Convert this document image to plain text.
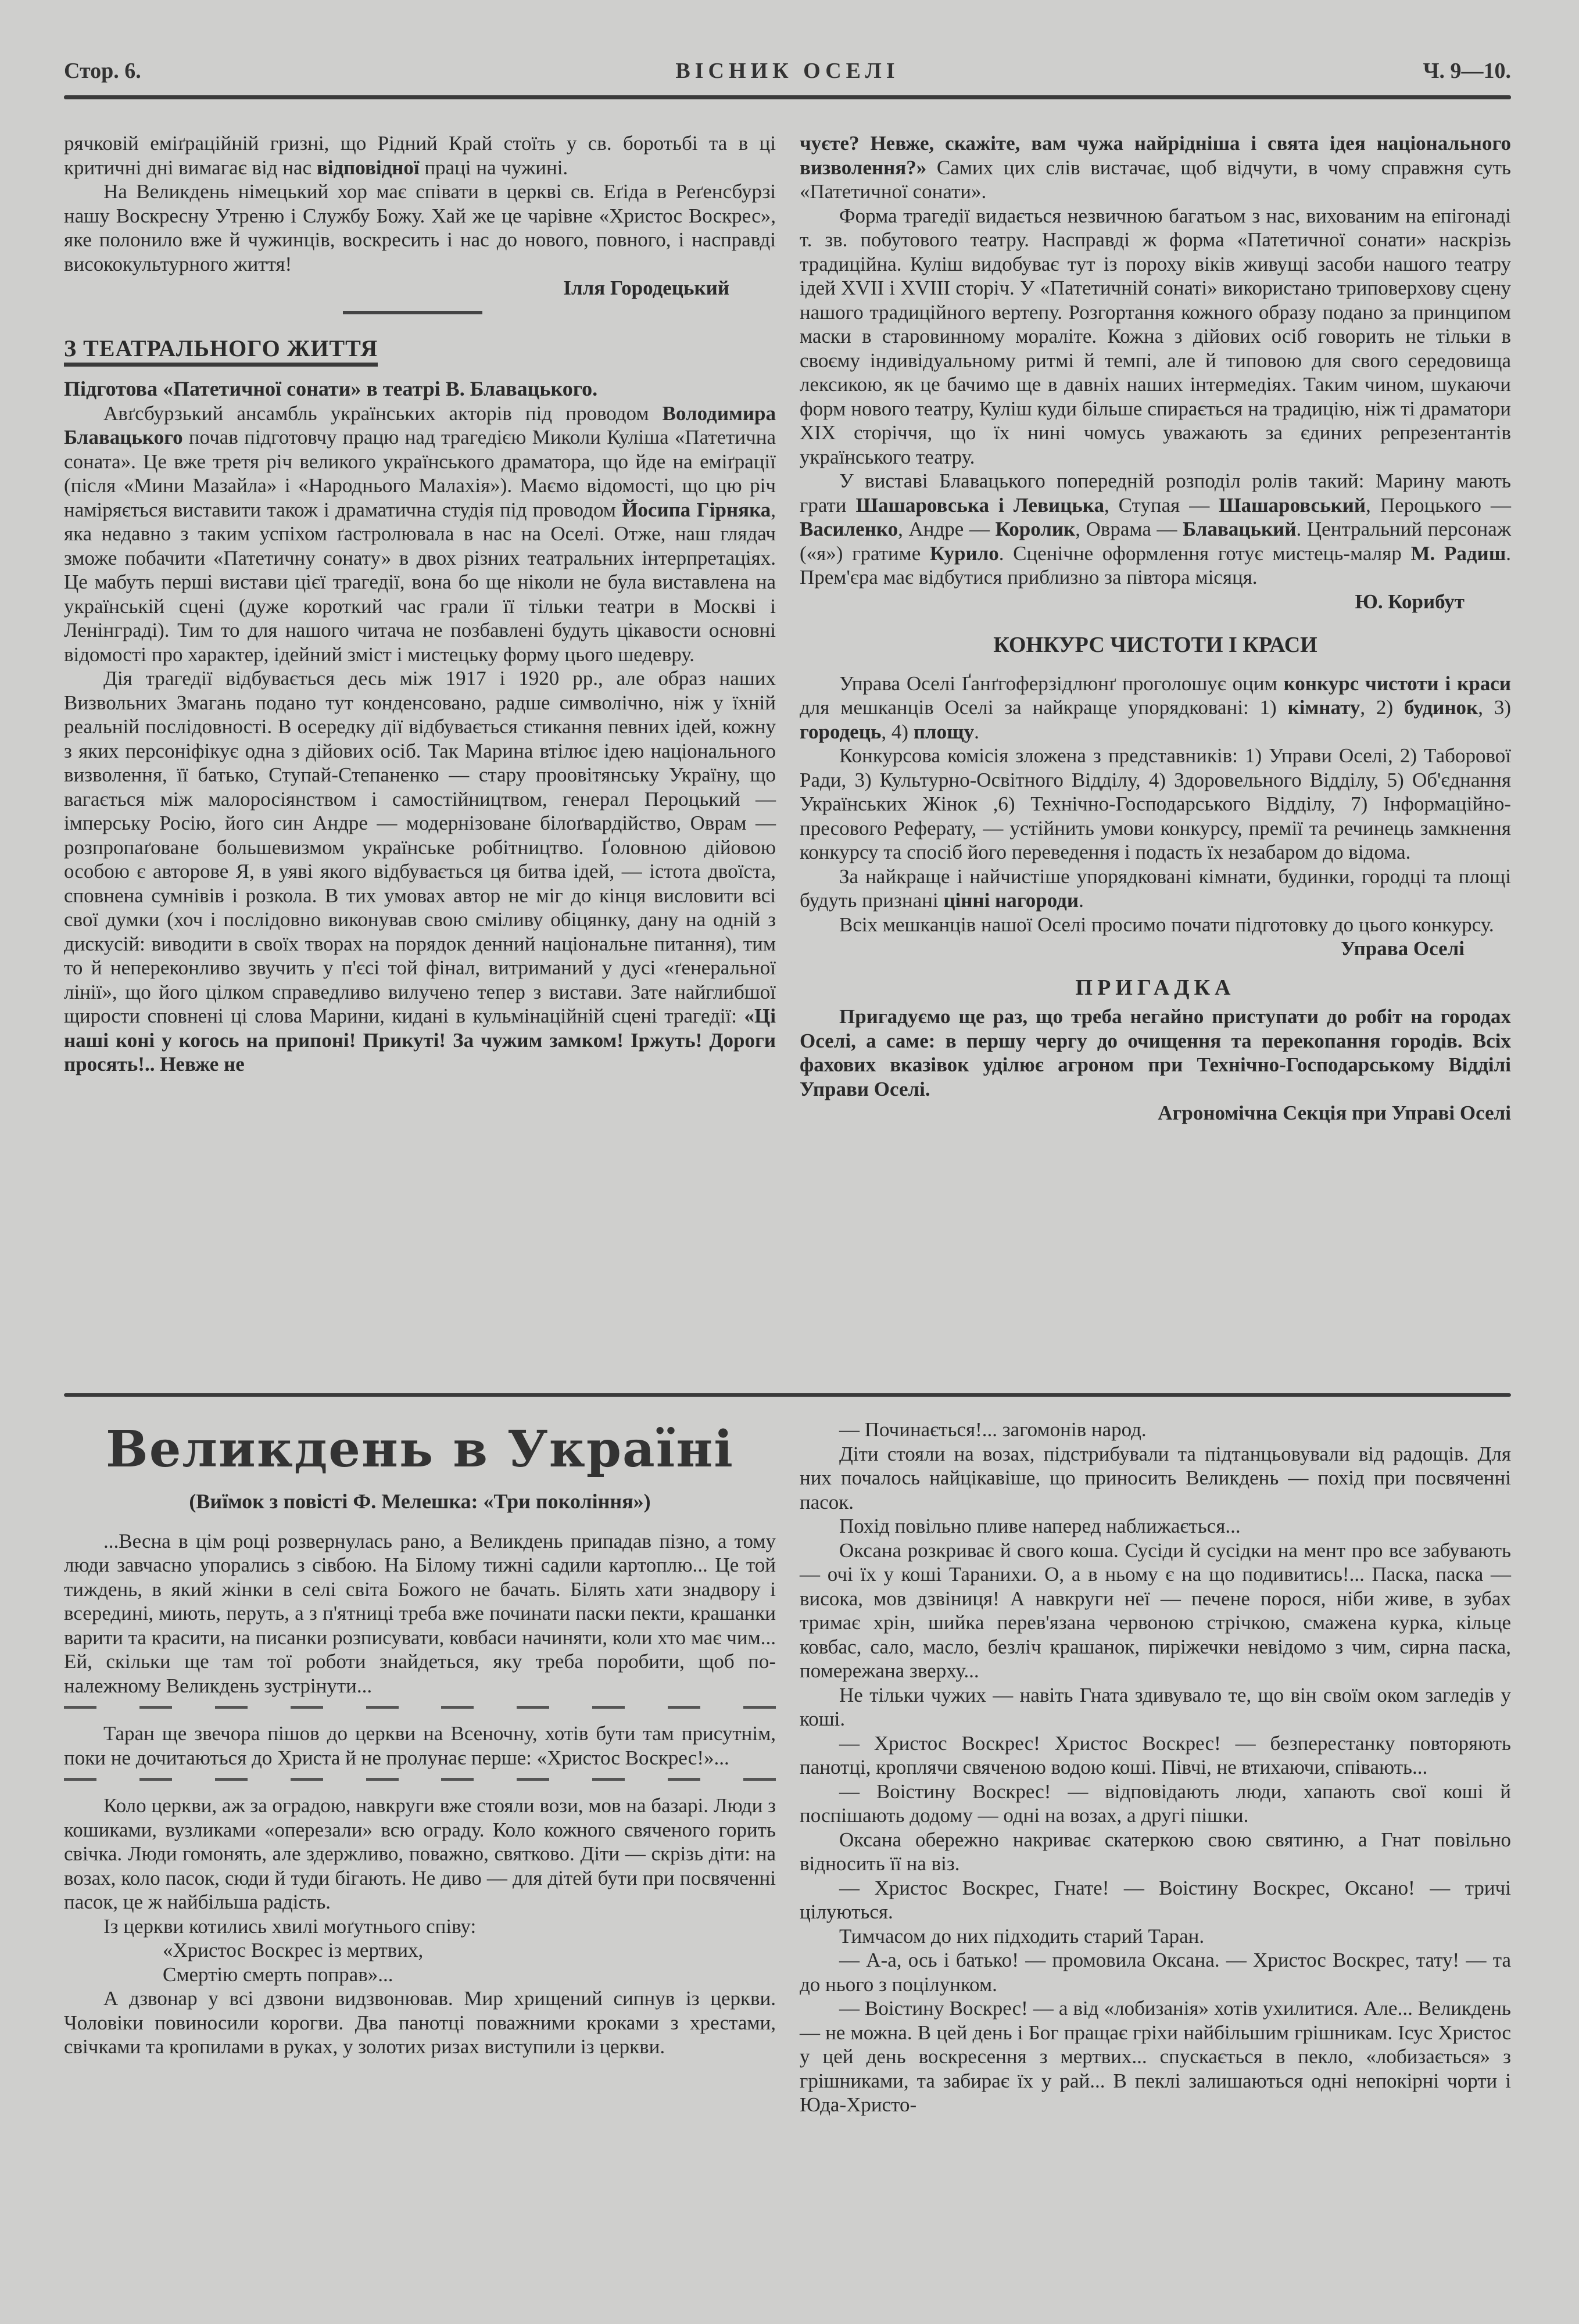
Стор. 6.	ВІСНИК ОСЕЛІ	Ч. 9—10.

рячковій еміґраційній гризні, що Рідний Край стоїть у св. боротьбі та в ці критичні дні вимагає від нас відповідної праці на чужині.

На Великдень німецький хор має співати в церкві св. Еґіда в Реґенсбурзі нашу Воскресну Утреню і Службу Божу. Хай же це чарівне «Христос Воскрес», яке полонило вже й чужинців, воскресить і нас до нового, повного, і насправді висококультурного життя!

Ілля Городецький

З ТЕАТРАЛЬНОГО ЖИТТЯ

Підготова «Патетичної сонати» в театрі В. Блавацького.

Авґсбурзький ансамбль українських акторів під проводом Володимира Блавацького почав підготовчу працю над трагедією Миколи Куліша «Патетична соната». Це вже третя річ великого українського драматора, що йде на еміґрації (після «Мини Мазайла» і «Народнього Малахія»). Маємо відомості, що цю річ наміряється виставити також і драматична студія під проводом Йосипа Гірняка, яка недавно з таким успіхом ґастролювала в нас на Оселі. Отже, наш глядач зможе побачити «Патетичну сонату» в двох різних театральних інтерпретаціях. Це мабуть перші вистави цієї трагедії, вона бо ще ніколи не була виставлена на українській сцені (дуже короткий час грали її тільки театри в Москві і Ленінграді). Тим то для нашого читача не позбавлені будуть цікавости основні відомості про характер, ідейний зміст і мистецьку форму цього шедевру.

Дія трагедії відбувається десь між 1917 і 1920 рр., але образ наших Визвольних Змагань подано тут конденсовано, радше символічно, ніж у їхній реальній послідовності. В осередку дії відбувається стикання певних ідей, кожну з яких персоніфікує одна з дійових осіб. Так Марина втілює ідею національного визволення, її батько, Ступай-Степаненко — стару проовітянську Україну, що вагається між малоросіянством і самостійництвом, генерал Пероцький — імперську Росію, його син Андре — модернізоване білоґвардійство, Оврам — розпропаґоване большевизмом українське робітництво. Ґоловною дійовою особою є авторове Я, в уяві якого відбувається ця битва ідей, — істота двоїста, сповнена сумнівів і розкола. В тих умовах автор не міг до кінця висловити всі свої думки (хоч і послідовно виконував свою сміливу обіцянку, дану на одній з дискусій: виводити в своїх творах на порядок денний національне питання), тим то й непереконливо звучить у п'єсі той фінал, витриманий у дусі «ґенеральної лінії», що його цілком справедливо вилучено тепер з вистави. Зате найглибшої щирости сповнені ці слова Марини, кидані в кульмінаційній сцені трагедії: «Ці наші коні у когось на припоні! Прикуті! За чужим замком! Іржуть! Дороги просять!.. Невже не

чуєте? Невже, скажіте, вам чужа найрідніша і свята ідея національного визволення?» Самих цих слів вистачає, щоб відчути, в чому справжня суть «Патетичної сонати».

Форма трагедії видається незвичною багатьом з нас, вихованим на епігонаді т. зв. побутового театру. Насправді ж форма «Патетичної сонати» наскрізь традиційна. Куліш видобуває тут із пороху віків живущі засоби нашого театру ідей XVII і XVIII сторіч. У «Патетичній сонаті» використано триповерхову сцену нашого традиційного вертепу. Розгортання кожного образу подано за принципом маски в старовинному мораліте. Кожна з дійових осіб говорить не тільки в своєму індивідуальному ритмі й темпі, але й типовою для свого середовища лексикою, як це бачимо ще в давніх наших інтермедіях. Таким чином, шукаючи форм нового театру, Куліш куди більше спирається на традицію, ніж ті драматори XIX сторіччя, що їх нині чомусь уважають за єдиних репрезентантів українського театру.

У виставі Блавацького попередній розподіл ролів такий: Марину мають грати Шашаровська і Левицька, Ступая — Шашаровський, Пероцького — Василенко, Андре — Королик, Оврама — Блавацький. Центральний персонаж («я») гратиме Курило. Сценічне оформлення готує мистець-маляр М. Радиш. Прем'єра має відбутися приблизно за півтора місяця.

Ю. Корибут

КОНКУРС ЧИСТОТИ І КРАСИ

Управа Оселі Ґанґгоферзідлюнґ проголошує оцим конкурс чистоти і краси для мешканців Оселі за найкраще упорядковані: 1) кімнату, 2) будинок, 3) городець, 4) площу.

Конкурсова комісія зложена з представників: 1) Управи Оселі, 2) Таборової Ради, 3) Культурно-Освітного Відділу, 4) Здоровельного Відділу, 5) Об'єднання Українських Жінок ,6) Технічно-Господарського Відділу, 7) Інформаційно-пресового Реферату, — устійнить умови конкурсу, премії та речинець замкнення конкурсу та спосіб його переведення і подасть їх незабаром до відома.

За найкраще і найчистіше упорядковані кімнати, будинки, городці та площі будуть признані цінні нагороди.

Всіх мешканців нашої Оселі просимо почати підготовку до цього конкурсу.

Управа Оселі

ПРИГАДКА

Пригадуємо ще раз, що треба негайно приступати до робіт на городах Оселі, а саме: в першу чергу до очищення та перекопання городів. Всіх фахових вказівок уділює агроном при Технічно-Господарському Відділі Управи Оселі.

Агрономічна Секція при Управі Оселі

Великдень в Україні
(Виїмок з повісті Ф. Мелешка: «Три покоління»)

...Весна в цім році розвернулась рано, а Великдень припадав пізно, а тому люди завчасно упорались з сівбою. На Білому тижні садили картоплю... Це той тиждень, в який жінки в селі світа Божого не бачать. Білять хати знадвору і всередині, миють, перуть, а з п'ятниці треба вже починати паски пекти, крашанки варити та красити, на писанки розписувати, ковбаси начиняти, коли хто має чим... Ей, скільки ще там тої роботи знайдеться, яку треба поробити, щоб по-належному Великдень зустрінути...

Таран ще звечора пішов до церкви на Всеночну, хотів бути там присутнім, поки не дочитаються до Христа й не пролунає перше: «Христос Воскрес!»...

Коло церкви, аж за оградою, навкруги вже стояли вози, мов на базарі. Люди з кошиками, вузликами «оперезали» всю ограду. Коло кожного свяченого горить свічка. Люди гомонять, але здержливо, поважно, святково. Діти — скрізь діти: на возах, коло пасок, сюди й туди бігають. Не диво — для дітей бути при посвяченні пасок, це ж найбільша радість.

Із церкви котились хвилі моґутнього співу:

«Христос Воскрес із мертвих,

Смертію смерть поправ»...

А дзвонар у всі дзвони видзвонював. Мир хрищений сипнув із церкви. Чоловіки повиносили корогви. Два панотці поважними кроками з хрестами, свічками та кропилами в руках, у золотих ризах виступили із церкви.

— Починається!... загомонів народ.

Діти стояли на возах, підстрибували та підтанцьовували від радощів. Для них почалось найцікавіше, що приносить Великдень — похід при посвяченні пасок.

Похід повільно пливе наперед наближається...

Оксана розкриває й свого коша. Сусіди й сусідки на мент про все забувають — очі їх у коші Таранихи. О, а в ньому є на що подивитись!... Паска, паска — висока, мов дзвіниця! А навкруги неї — печене порося, ніби живе, в зубах тримає хрін, шийка перев'язана червоною стрічкою, смажена курка, кільце ковбас, сало, масло, безліч крашанок, пиріжечки невідомо з чим, сирна паска, помережана зверху...

Не тільки чужих — навіть Гната здивувало те, що він своїм оком загледів у коші.

— Христос Воскрес! Христос Воскрес! — безперестанку повторяють панотці, кроплячи свяченою водою коші. Півчі, не втихаючи, співають...

— Воістину Воскрес! — відповідають люди, хапають свої коші й поспішають додому — одні на возах, а другі пішки.

Оксана обережно накриває скатеркою свою святиню, а Гнат повільно відносить її на віз.

— Христос Воскрес, Гнате! — Воістину Воскрес, Оксано! — тричі цілуються.

Тимчасом до них підходить старий Таран.

— А-а, ось і батько! — промовила Оксана. — Христос Воскрес, тату! — та до нього з поцілунком.

— Воістину Воскрес! — а від «лобизанія» хотів ухилитися. Але... Великдень — не можна. В цей день і Бог пращає гріхи найбільшим грішникам. Ісус Христос у цей день воскресення з мертвих... спускається в пекло, «лобизається» з грішниками, та забирає їх у рай... В пеклі залишаються одні непокірні чорти і Юда-Христо-
